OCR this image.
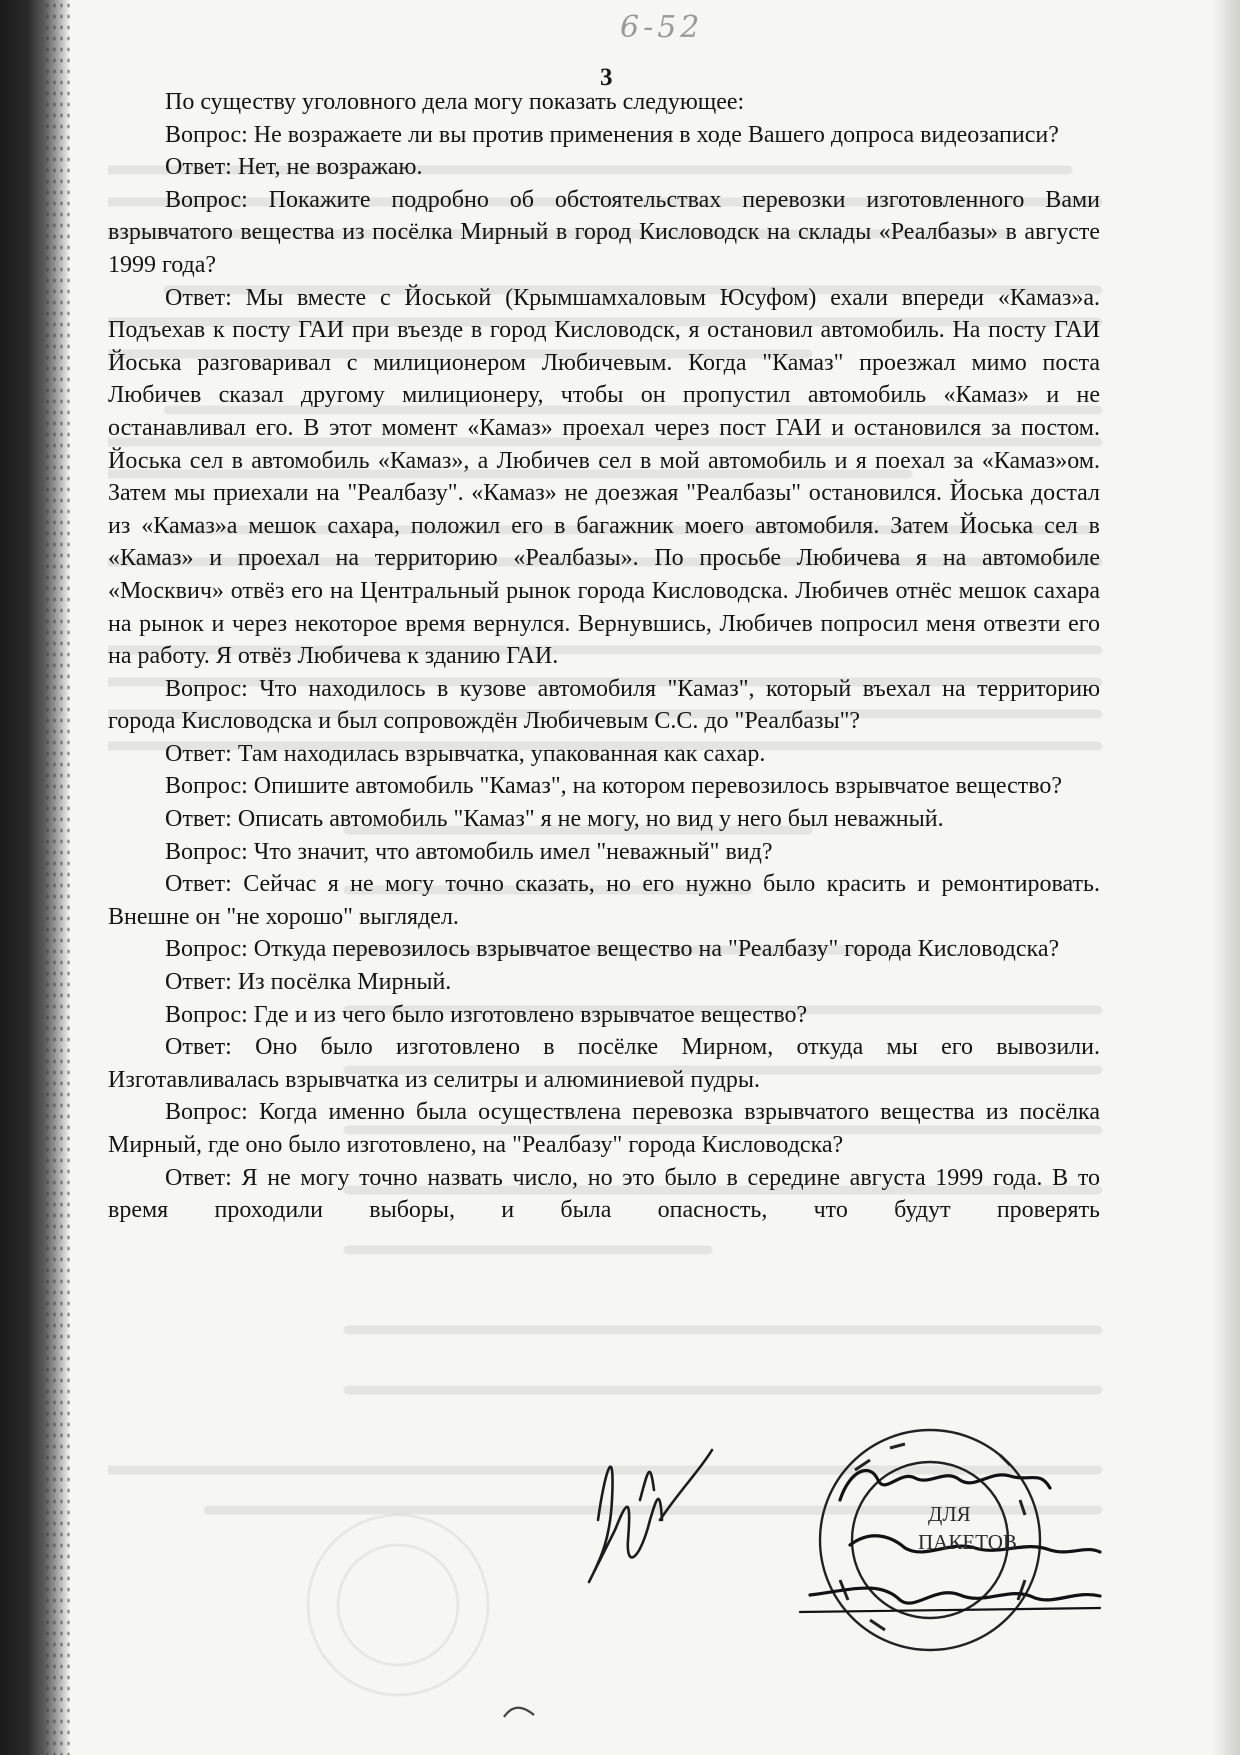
6-52
3

По существу уголовного дела могу показать следующее:

Вопрос: Не возражаете ли вы против применения в ходе Вашего допроса видеозаписи?

Ответ: Нет, не возражаю.

Вопрос: Покажите подробно об обстоятельствах перевозки изготовленного Вами взрывчатого вещества из посёлка Мирный в город Кисловодск на склады «Реалбазы» в августе 1999 года?

Ответ: Мы вместе с Йоськой (Крымшамхаловым Юсуфом) ехали впереди «Камаз»а. Подъехав к посту ГАИ при въезде в город Кисловодск, я остановил автомобиль. На посту ГАИ Йоська разговаривал с милиционером Любичевым. Когда "Камаз" проезжал мимо поста Любичев сказал другому милиционеру, чтобы он пропустил автомобиль «Камаз» и не останавливал его. В этот момент «Камаз» проехал через пост ГАИ и остановился за постом. Йоська сел в автомобиль «Камаз», а Любичев сел в мой автомобиль и я поехал за «Камаз»ом. Затем мы приехали на "Реалбазу". «Камаз» не доезжая "Реалбазы" остановился. Йоська достал из «Камаз»а мешок сахара, положил его в багажник моего автомобиля. Затем Йоська сел в «Камаз» и проехал на территорию «Реалбазы». По просьбе Любичева я на автомобиле «Москвич» отвёз его на Центральный рынок города Кисловодска. Любичев отнёс мешок сахара на рынок и через некоторое время вернулся. Вернувшись, Любичев попросил меня отвезти его на работу. Я отвёз Любичева к зданию ГАИ.

Вопрос: Что находилось в кузове автомобиля "Камаз", который въехал на территорию города Кисловодска и был сопровождён Любичевым С.С. до "Реалбазы"?

Ответ: Там находилась взрывчатка, упакованная как сахар.

Вопрос: Опишите автомобиль "Камаз", на котором перевозилось взрывчатое вещество?

Ответ: Описать автомобиль "Камаз" я не могу, но вид у него был неважный.

Вопрос: Что значит, что автомобиль имел "неважный" вид?

Ответ: Сейчас я не могу точно сказать, но его нужно было красить и ремонтировать. Внешне он "не хорошо" выглядел.

Вопрос: Откуда перевозилось взрывчатое вещество на "Реалбазу" города Кисловодска?

Ответ: Из посёлка Мирный.

Вопрос: Где и из чего было изготовлено взрывчатое вещество?

Ответ: Оно было изготовлено в посёлке Мирном, откуда мы его вывозили. Изготавливалась взрывчатка из селитры и алюминиевой пудры.

Вопрос: Когда именно была осуществлена перевозка взрывчатого вещества из посёлка Мирный, где оно было изготовлено, на "Реалбазу" города Кисловодска?

Ответ: Я не могу точно назвать число, но это было в середине августа 1999 года. В то время проходили выборы, и была опасность, что будут проверять

ДЛЯ
ПАКЕТОВ
